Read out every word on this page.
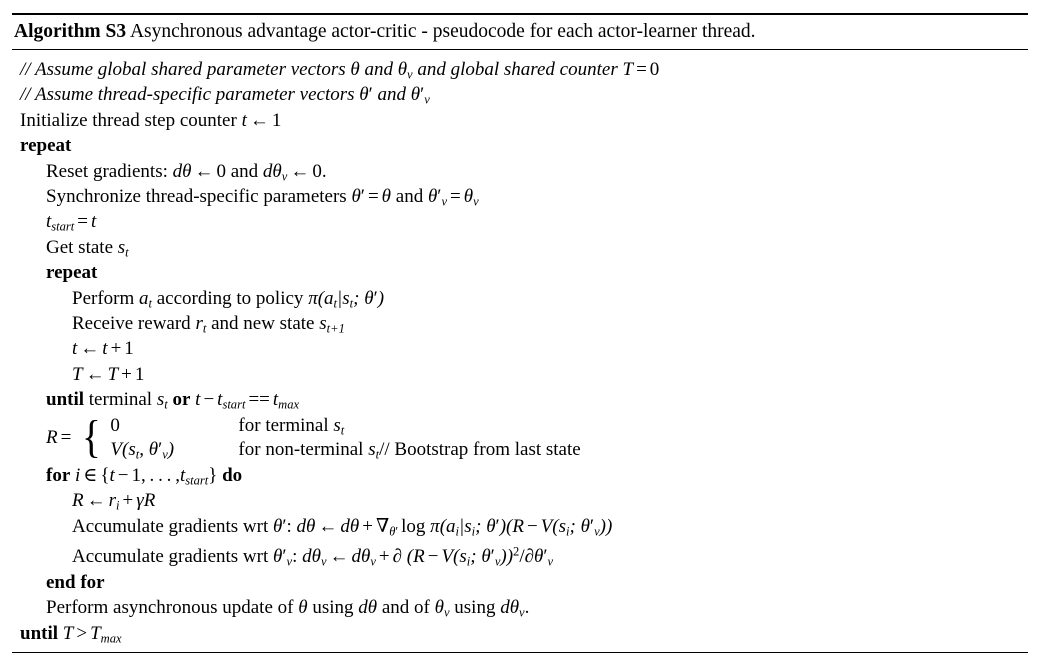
Algorithm S3 Asynchronous advantage actor-critic - pseudocode for each actor-learner thread.
// Assume global shared parameter vectors θ and $\theta_v$ and global shared counter T = 0
// Assume thread-specific parameter vectors θ′ and $\theta'_v$
Initialize thread step counter t ← 1
repeat
Reset gradients: dθ ← 0 and $d\theta_v$ ← 0.
Synchronize thread-specific parameters θ′ = θ and $\theta'_v = \theta_v$
$t_{start} = t$
Get state $s_t$
repeat
Perform $a_t$ according to policy $\pi(a_t|s_t$; θ′)
Receive reward $r_t$ and new state $s_{t+1}$
t ← t + 1
T ← T + 1
until terminal $s_t$ or $t - t_{start} == t_{max}$
R = { 0	for terminal $s_t$
$V(s_t$, $\theta'_v$)	for non-terminal $s_t//$ Bootstrap from last state
for i ∈ {t − 1, . . . $,t_{start}$} do
R ← $r_i + \gamma R$
Accumulate gradients wrt θ′: dθ ← dθ + ∇θ′ $\log \pi(a_i|s_i$; $\theta')(R - V(s_i$; $\theta'_v$))
Accumulate gradients wrt $\theta'_v$: $d\theta_v$ ← $d\theta_v$ + ∂ ($R - V(s_i$; $\theta'_v))^2/\partial\theta'_v$
end for
Perform asynchronous update of θ using dθ and of $\theta_v$ using $d\theta_v$.
until $T > T_{max}$
